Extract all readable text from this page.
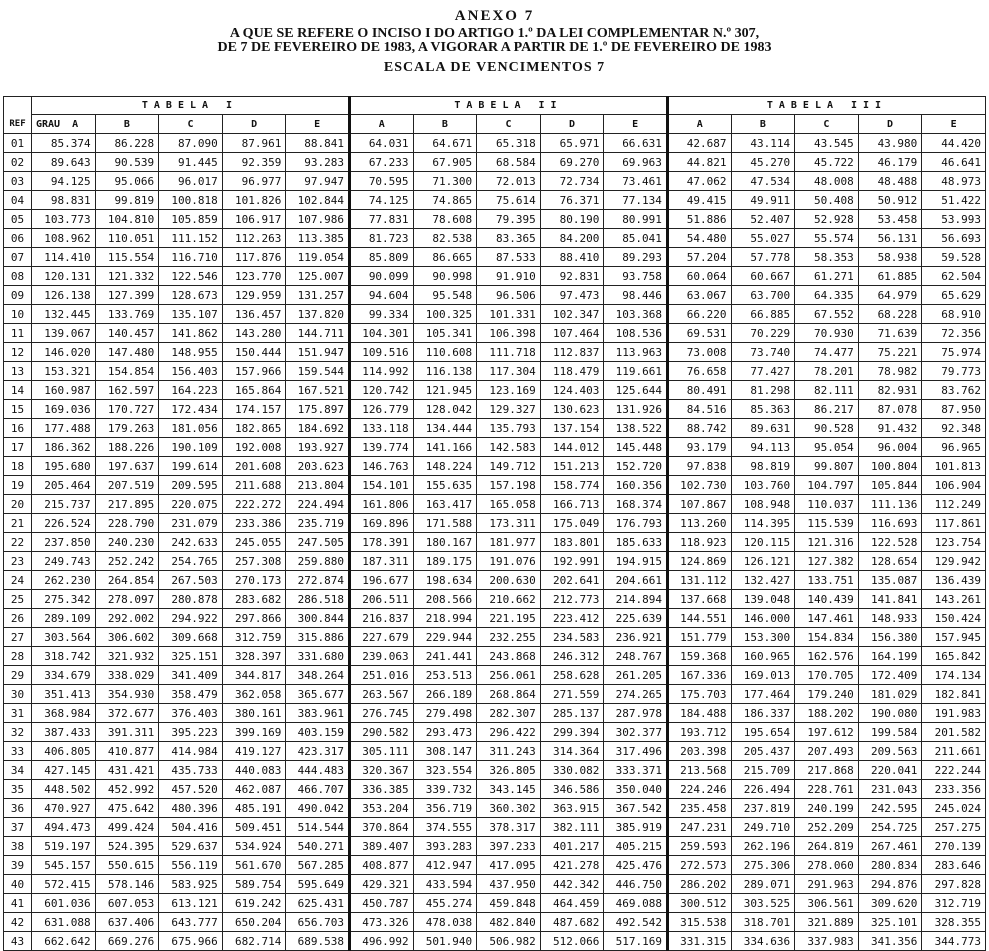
ANEXO 7
A QUE SE REFERE O INCISO I DO ARTIGO 1.º DA LEI COMPLEMENTAR N.º 307,
DE 7 DE FEVEREIRO DE 1983, A VIGORAR A PARTIR DE 1.º DE FEVEREIRO DE 1983
ESCALA DE VENCIMENTOS 7
REF	TABELA I					TABELA II					TABELA III				
	GRAU A	B	C	D	E	A	B	C	D	E	A	B	C	D	E
01	85.374	86.228	87.090	87.961	88.841	64.031	64.671	65.318	65.971	66.631	42.687	43.114	43.545	43.980	44.420
02	89.643	90.539	91.445	92.359	93.283	67.233	67.905	68.584	69.270	69.963	44.821	45.270	45.722	46.179	46.641
03	94.125	95.066	96.017	96.977	97.947	70.595	71.300	72.013	72.734	73.461	47.062	47.534	48.008	48.488	48.973
04	98.831	99.819	100.818	101.826	102.844	74.125	74.865	75.614	76.371	77.134	49.415	49.911	50.408	50.912	51.422
05	103.773	104.810	105.859	106.917	107.986	77.831	78.608	79.395	80.190	80.991	51.886	52.407	52.928	53.458	53.993
06	108.962	110.051	111.152	112.263	113.385	81.723	82.538	83.365	84.200	85.041	54.480	55.027	55.574	56.131	56.693
07	114.410	115.554	116.710	117.876	119.054	85.809	86.665	87.533	88.410	89.293	57.204	57.778	58.353	58.938	59.528
08	120.131	121.332	122.546	123.770	125.007	90.099	90.998	91.910	92.831	93.758	60.064	60.667	61.271	61.885	62.504
09	126.138	127.399	128.673	129.959	131.257	94.604	95.548	96.506	97.473	98.446	63.067	63.700	64.335	64.979	65.629
10	132.445	133.769	135.107	136.457	137.820	99.334	100.325	101.331	102.347	103.368	66.220	66.885	67.552	68.228	68.910
11	139.067	140.457	141.862	143.280	144.711	104.301	105.341	106.398	107.464	108.536	69.531	70.229	70.930	71.639	72.356
12	146.020	147.480	148.955	150.444	151.947	109.516	110.608	111.718	112.837	113.963	73.008	73.740	74.477	75.221	75.974
13	153.321	154.854	156.403	157.966	159.544	114.992	116.138	117.304	118.479	119.661	76.658	77.427	78.201	78.982	79.773
14	160.987	162.597	164.223	165.864	167.521	120.742	121.945	123.169	124.403	125.644	80.491	81.298	82.111	82.931	83.762
15	169.036	170.727	172.434	174.157	175.897	126.779	128.042	129.327	130.623	131.926	84.516	85.363	86.217	87.078	87.950
16	177.488	179.263	181.056	182.865	184.692	133.118	134.444	135.793	137.154	138.522	88.742	89.631	90.528	91.432	92.348
17	186.362	188.226	190.109	192.008	193.927	139.774	141.166	142.583	144.012	145.448	93.179	94.113	95.054	96.004	96.965
18	195.680	197.637	199.614	201.608	203.623	146.763	148.224	149.712	151.213	152.720	97.838	98.819	99.807	100.804	101.813
19	205.464	207.519	209.595	211.688	213.804	154.101	155.635	157.198	158.774	160.356	102.730	103.760	104.797	105.844	106.904
20	215.737	217.895	220.075	222.272	224.494	161.806	163.417	165.058	166.713	168.374	107.867	108.948	110.037	111.136	112.249
21	226.524	228.790	231.079	233.386	235.719	169.896	171.588	173.311	175.049	176.793	113.260	114.395	115.539	116.693	117.861
22	237.850	240.230	242.633	245.055	247.505	178.391	180.167	181.977	183.801	185.633	118.923	120.115	121.316	122.528	123.754
23	249.743	252.242	254.765	257.308	259.880	187.311	189.175	191.076	192.991	194.915	124.869	126.121	127.382	128.654	129.942
24	262.230	264.854	267.503	270.173	272.874	196.677	198.634	200.630	202.641	204.661	131.112	132.427	133.751	135.087	136.439
25	275.342	278.097	280.878	283.682	286.518	206.511	208.566	210.662	212.773	214.894	137.668	139.048	140.439	141.841	143.261
26	289.109	292.002	294.922	297.866	300.844	216.837	218.994	221.195	223.412	225.639	144.551	146.000	147.461	148.933	150.424
27	303.564	306.602	309.668	312.759	315.886	227.679	229.944	232.255	234.583	236.921	151.779	153.300	154.834	156.380	157.945
28	318.742	321.932	325.151	328.397	331.680	239.063	241.441	243.868	246.312	248.767	159.368	160.965	162.576	164.199	165.842
29	334.679	338.029	341.409	344.817	348.264	251.016	253.513	256.061	258.628	261.205	167.336	169.013	170.705	172.409	174.134
30	351.413	354.930	358.479	362.058	365.677	263.567	266.189	268.864	271.559	274.265	175.703	177.464	179.240	181.029	182.841
31	368.984	372.677	376.403	380.161	383.961	276.745	279.498	282.307	285.137	287.978	184.488	186.337	188.202	190.080	191.983
32	387.433	391.311	395.223	399.169	403.159	290.582	293.473	296.422	299.394	302.377	193.712	195.654	197.612	199.584	201.582
33	406.805	410.877	414.984	419.127	423.317	305.111	308.147	311.243	314.364	317.496	203.398	205.437	207.493	209.563	211.661
34	427.145	431.421	435.733	440.083	444.483	320.367	323.554	326.805	330.082	333.371	213.568	215.709	217.868	220.041	222.244
35	448.502	452.992	457.520	462.087	466.707	336.385	339.732	343.145	346.586	350.040	224.246	226.494	228.761	231.043	233.356
36	470.927	475.642	480.396	485.191	490.042	353.204	356.719	360.302	363.915	367.542	235.458	237.819	240.199	242.595	245.024
37	494.473	499.424	504.416	509.451	514.544	370.864	374.555	378.317	382.111	385.919	247.231	249.710	252.209	254.725	257.275
38	519.197	524.395	529.637	534.924	540.271	389.407	393.283	397.233	401.217	405.215	259.593	262.196	264.819	267.461	270.139
39	545.157	550.615	556.119	561.670	567.285	408.877	412.947	417.095	421.278	425.476	272.573	275.306	278.060	280.834	283.646
40	572.415	578.146	583.925	589.754	595.649	429.321	433.594	437.950	442.342	446.750	286.202	289.071	291.963	294.876	297.828
41	601.036	607.053	613.121	619.242	625.431	450.787	455.274	459.848	464.459	469.088	300.512	303.525	306.561	309.620	312.719
42	631.088	637.406	643.777	650.204	656.703	473.326	478.038	482.840	487.682	492.542	315.538	318.701	321.889	325.101	328.355
43	662.642	669.276	675.966	682.714	689.538	496.992	501.940	506.982	512.066	517.169	331.315	334.636	337.983	341.356	344.773
